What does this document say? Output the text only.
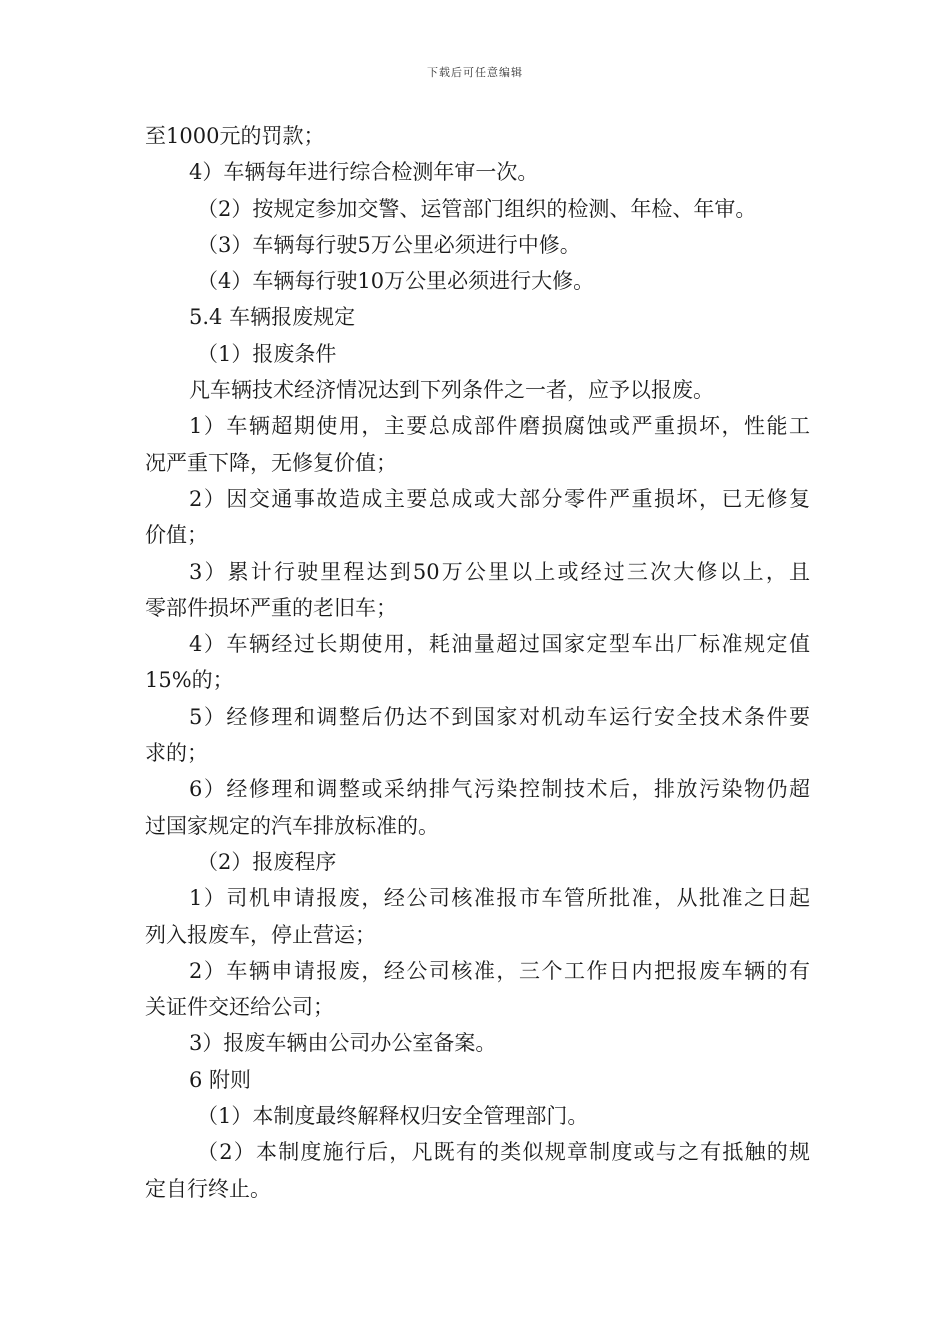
下载后可任意编辑
至1000元的罚款；
4）车辆每年进行综合检测年审一次。
（2）按规定参加交警、运管部门组织的检测、年检、年审。
（3）车辆每行驶5万公里必须进行中修。
（4）车辆每行驶10万公里必须进行大修。
5.4 车辆报废规定
（1）报废条件
凡车辆技术经济情况达到下列条件之一者，应予以报废。
1）车辆超期使用，主要总成部件磨损腐蚀或严重损坏，性能工
况严重下降，无修复价值；
2）因交通事故造成主要总成或大部分零件严重损坏，已无修复
价值；
3）累计行驶里程达到50万公里以上或经过三次大修以上，且
零部件损坏严重的老旧车；
4）车辆经过长期使用，耗油量超过国家定型车出厂标准规定值
15%的；
5）经修理和调整后仍达不到国家对机动车运行安全技术条件要
求的；
6）经修理和调整或采纳排气污染控制技术后，排放污染物仍超
过国家规定的汽车排放标准的。
（2）报废程序
1）司机申请报废，经公司核准报市车管所批准，从批准之日起
列入报废车，停止营运；
2）车辆申请报废，经公司核准，三个工作日内把报废车辆的有
关证件交还给公司；
3）报废车辆由公司办公室备案。
6 附则
（1）本制度最终解释权归安全管理部门。
（2）本制度施行后，凡既有的类似规章制度或与之有抵触的规
定自行终止。
